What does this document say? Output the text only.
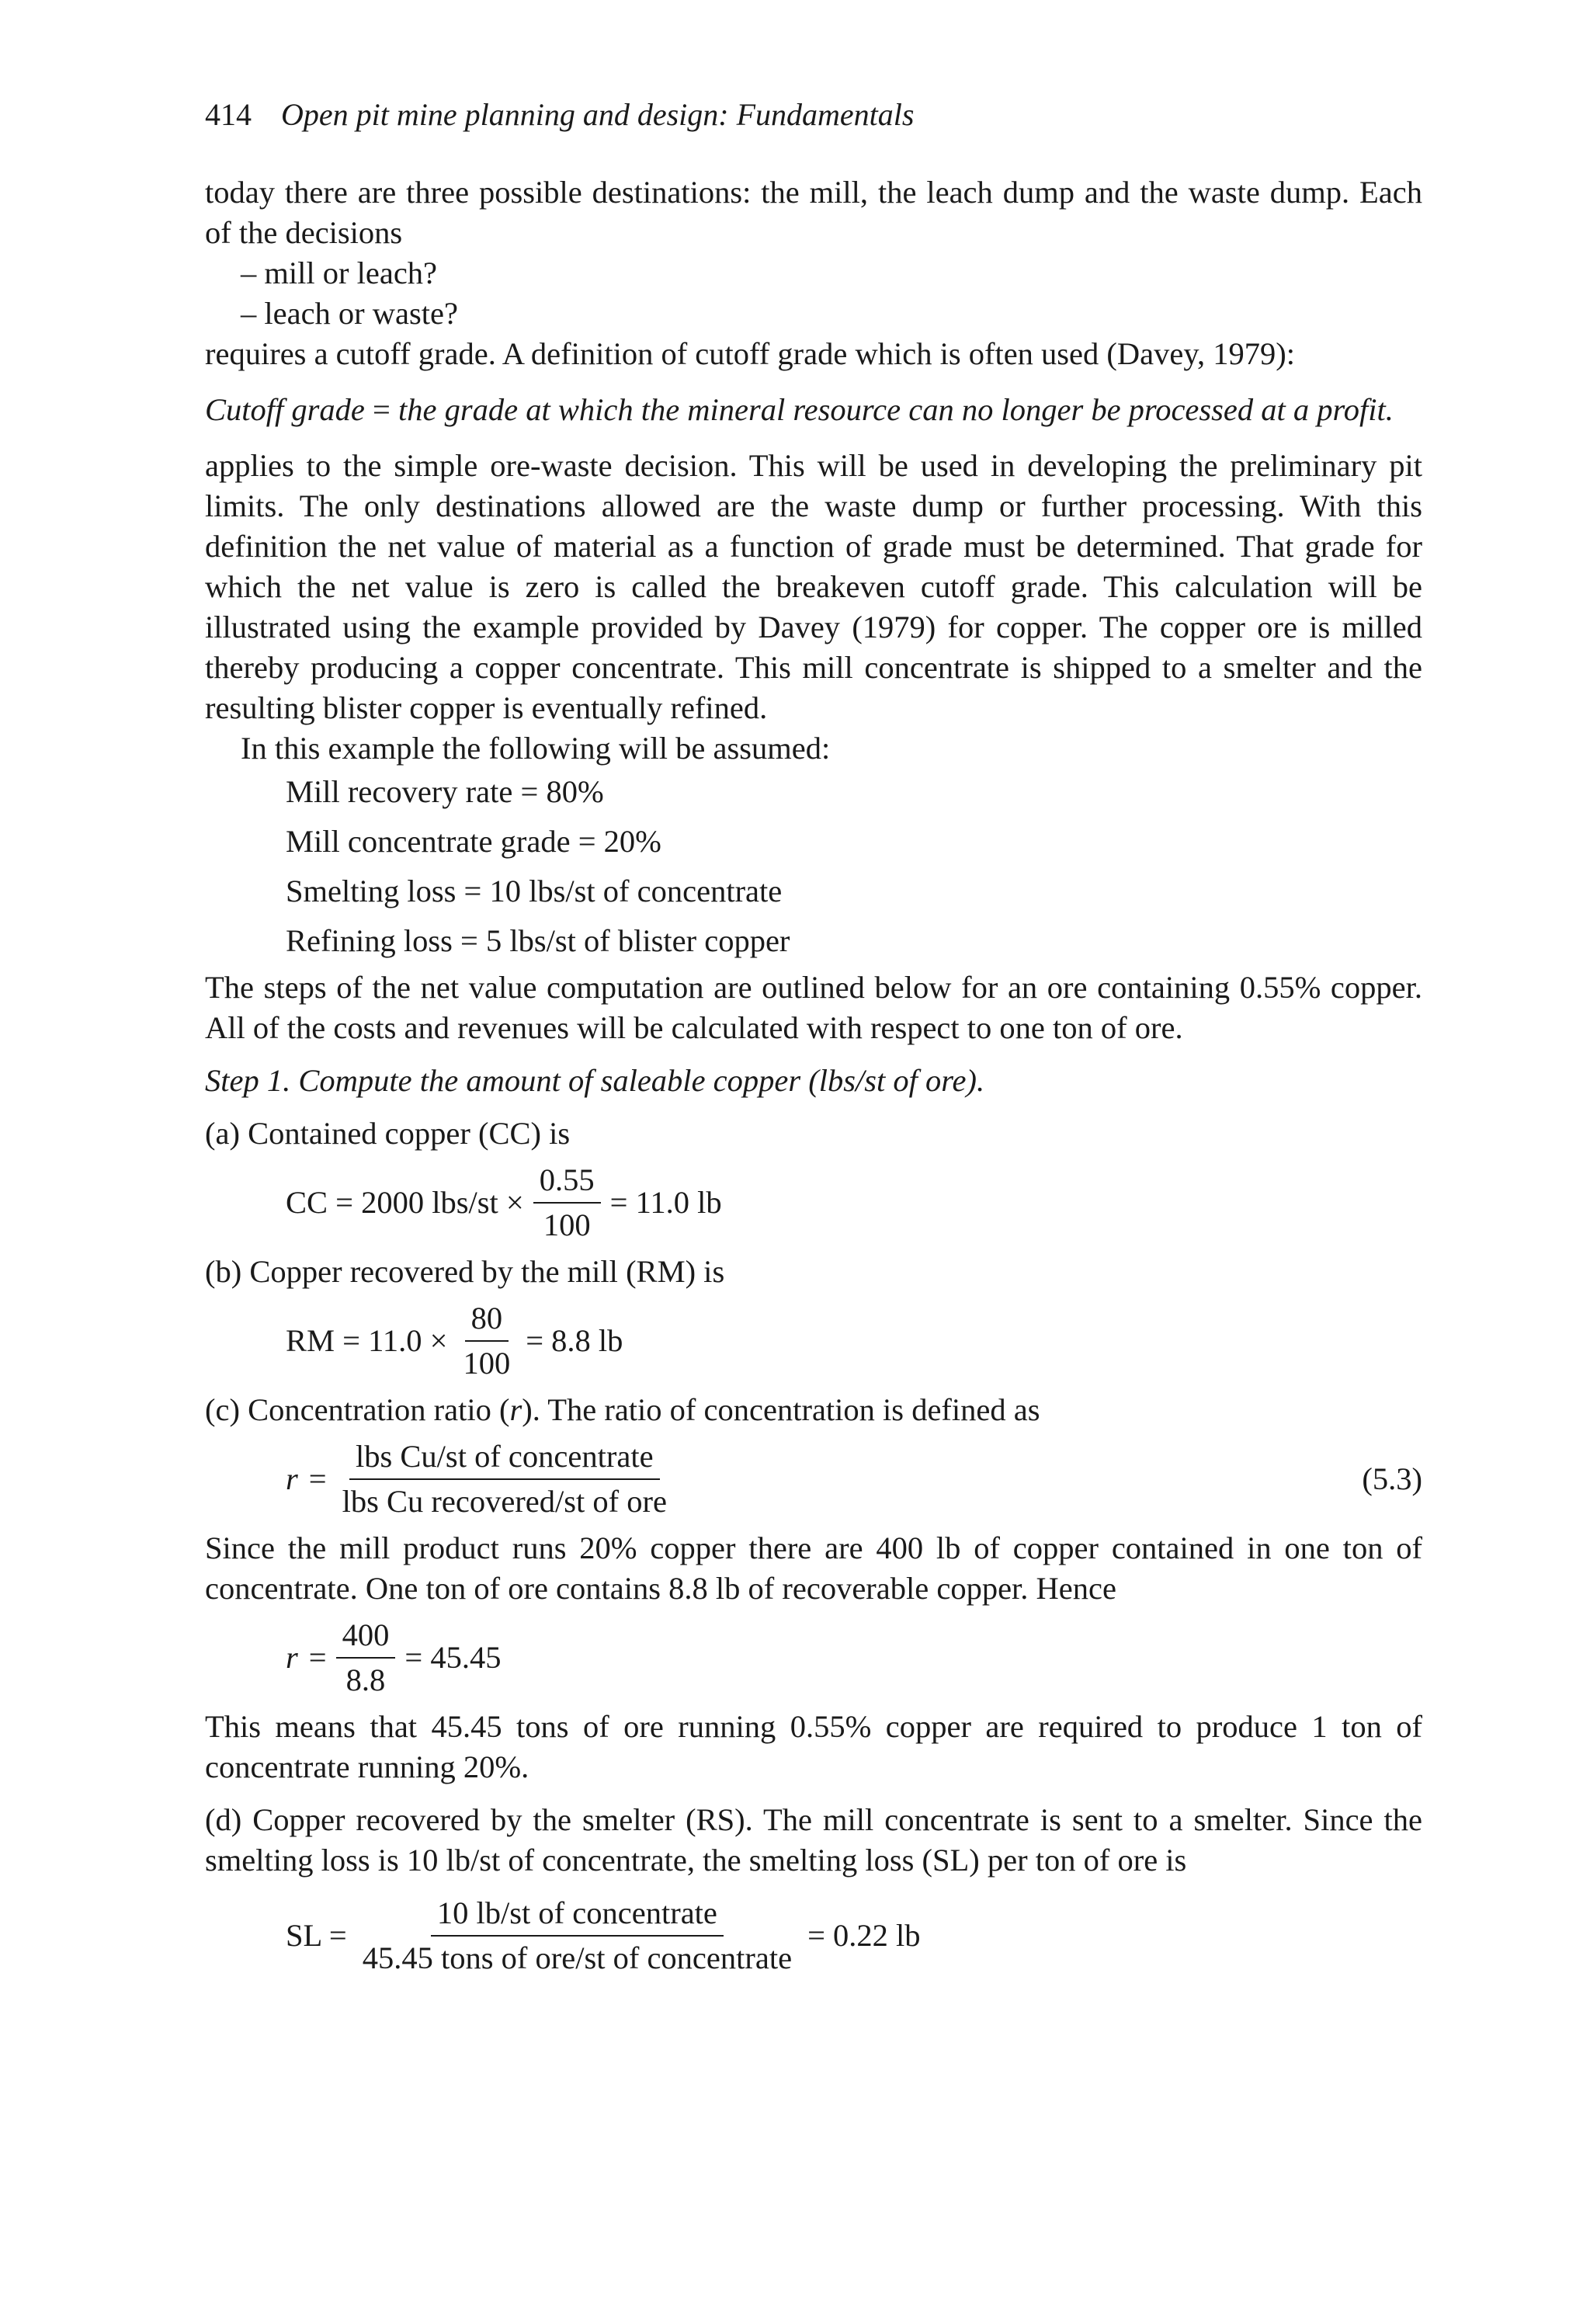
414 Open pit mine planning and design: Fundamentals

today there are three possible destinations: the mill, the leach dump and the waste dump. Each of the decisions

– mill or leach?
– leach or waste?

requires a cutoff grade. A definition of cutoff grade which is often used (Davey, 1979):

Cutoff grade = the grade at which the mineral resource can no longer be processed at a profit.

applies to the simple ore-waste decision. This will be used in developing the preliminary pit limits. The only destinations allowed are the waste dump or further processing. With this definition the net value of material as a function of grade must be determined. That grade for which the net value is zero is called the breakeven cutoff grade. This calculation will be illustrated using the example provided by Davey (1979) for copper. The copper ore is milled thereby producing a copper concentrate. This mill concentrate is shipped to a smelter and the resulting blister copper is eventually refined.

In this example the following will be assumed:

Mill recovery rate = 80%
Mill concentrate grade = 20%
Smelting loss = 10 lbs/st of concentrate
Refining loss = 5 lbs/st of blister copper

The steps of the net value computation are outlined below for an ore containing 0.55% copper. All of the costs and revenues will be calculated with respect to one ton of ore.

Step 1. Compute the amount of saleable copper (lbs/st of ore).

(a) Contained copper (CC) is

CC = 2000 $lbs/st \times \frac{0.55}{100} = 11.0$ lb

(b) Copper recovered by the mill (RM) is

RM = $11.0 \times \frac{80}{100} = 8.8$ lb

(c) Concentration ratio (r). The ratio of concentration is defined as

$r = \frac{\text{lbs Cu/st of concentrate}}{\text{lbs Cu recovered/st of ore}}$	(5.3)

Since the mill product runs 20% copper there are 400 lb of copper contained in one ton of concentrate. One ton of ore contains 8.8 lb of recoverable copper. Hence

$r = \frac{400}{8.8} = 45.45$

This means that 45.45 tons of ore running 0.55% copper are required to produce 1 ton of concentrate running 20%.

(d) Copper recovered by the smelter (RS). The mill concentrate is sent to a smelter. Since the smelting loss is 10 lb/st of concentrate, the smelting loss (SL) per ton of ore is

SL = $\frac{\text{10 lb/st of concentrate}}{\text{45.45 tons of ore/st of concentrate}} = 0.22$ lb
